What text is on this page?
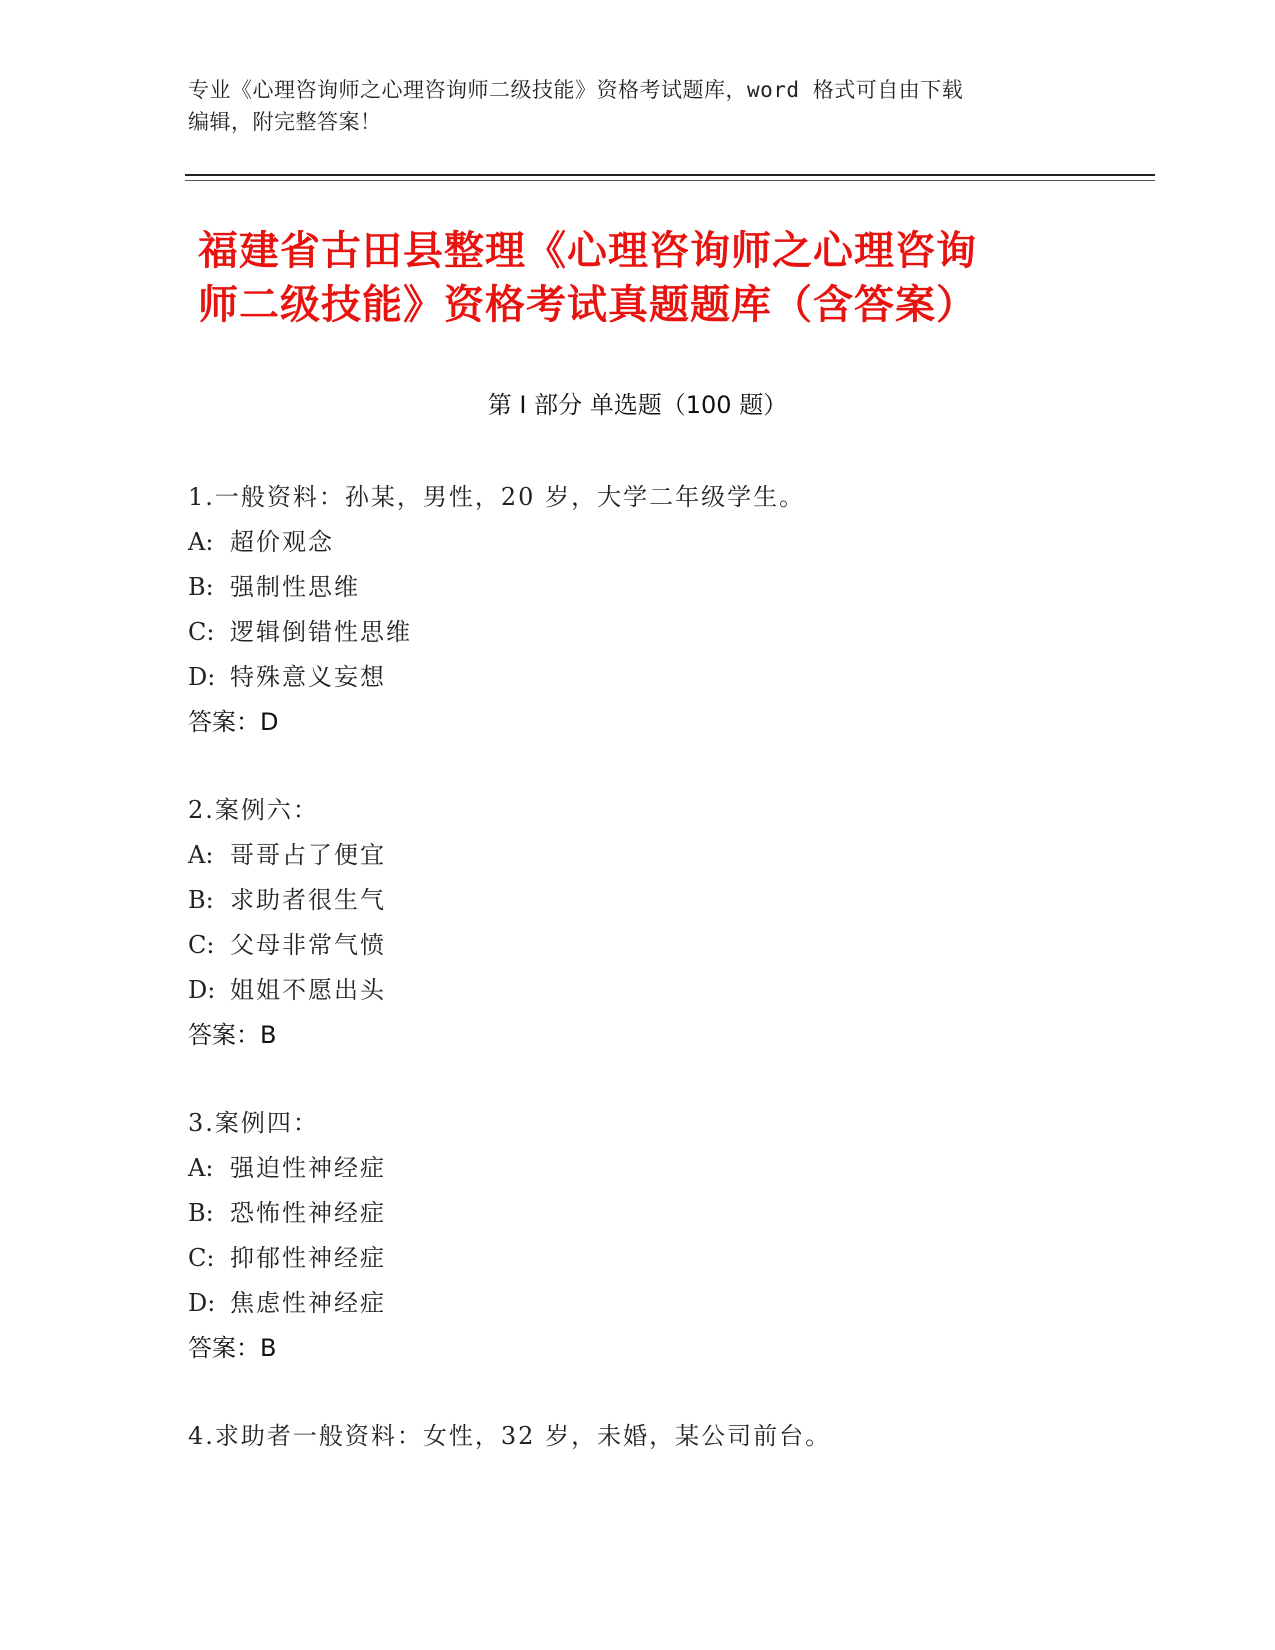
专业《心理咨询师之心理咨询师二级技能》资格考试题库，word 格式可自由下载
编辑，附完整答案！
福建省古田县整理《心理咨询师之心理咨询
师二级技能》资格考试真题题库（含答案）
第 I 部分 单选题（100 题）
1.一般资料：孙某，男性，20 岁，大学二年级学生。
A: 超价观念
B: 强制性思维
C: 逻辑倒错性思维
D: 特殊意义妄想
答案：D
2.案例六：
A: 哥哥占了便宜
B: 求助者很生气
C: 父母非常气愤
D: 姐姐不愿出头
答案：B
3.案例四：
A: 强迫性神经症
B: 恐怖性神经症
C: 抑郁性神经症
D: 焦虑性神经症
答案：B
4.求助者一般资料：女性，32 岁，未婚，某公司前台。
